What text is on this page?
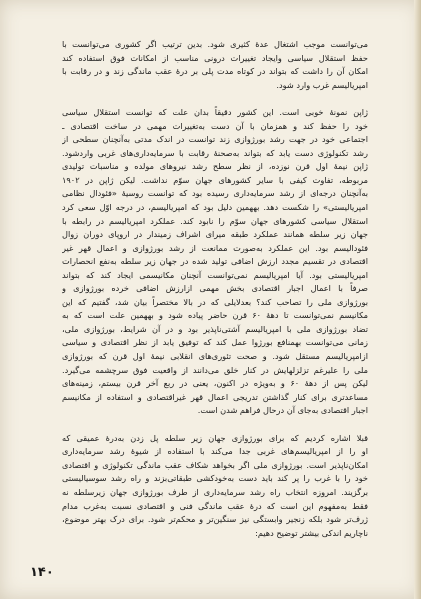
می‌توانست موجب اشتغال عدهٔ کثیری شود. بدین ترتیب اگر کشوری می‌توانست با
حفظ استقلال سیاسی وایجاد تغییرات درونی مناسب از امکانات فوق استفاده کند
امکان آن را داشت که بتواند در کوتاه مدت پلی بر درهٔ عقب ماندگی زند و در رقابت با
امپریالیسم غرب وارد شود.
ژاپن نمونهٔ خوبی است. این کشور دقیقاً بدان علت که توانست استقلال سیاسی
خود را حفظ کند و همزمان با آن دست به‌تغییرات مهمی در ساخت اقتصادی ـ
اجتماعی خود در جهت رشد بورژوازی زند توانست در اندک مدتی به‌آنچنان سطحی از
رشد تکنولوژی دست یابد که بتواند به‌صحنهٔ رقابت با سرمایه‌داری‌های غربی واردشود.
ژاپن نیمهٔ اول قرن نوزده، از نظر سطح رشد نیروهای مولده و مناسبات تولیدی
مربوطه، تفاوت کیفی با سایر کشورهای جهان سوّم نداشت. لیکن ژاپن در ۱۹۰۲
به‌آنچنان درجه‌ای از رشد سرمایه‌داری رسیده بود که توانست روسیهٔ «فئودال نظامی
امپریالیستی» را شکست دهد. بههمین دلیل بود که امپریالیسم، در درجه اوّل سعی کرد
استقلال سیاسی کشورهای جهان سوّم را نابود کند. عملکرد امپریالیسم در رابطه با
جهان زیر سلطه همانند عملکرد طبقه میرای اشراف زمیندار در اروپای دوران زوال
فئودالیسم بود. این عملکرد به‌صورت ممانعت از رشد بورژوازی و اعمال قهر غیر
اقتصادی در تقسیم مجدد ارزش اضافی تولید شده در جهان زیر سلطه به‌نفع انحصارات
امپریالیستی بود. آیا امپریالیسم نمی‌توانست آنچنان مکانیسمی ایجاد کند که بتواند
صرفاً با اعمال اجبار اقتصادی بخش مهمی ازارزش اضافی خرده بورژوازی و
بورژوازی ملی را تصاحب کند؟ بعدلایلی که در بالا مختصراً بیان شد، گفتیم که این
مکانیسم نمی‌توانست تا دههٔ ۶۰ قرن حاضر پیاده شود و بههمین علت است که به‌
تضاد بورژوازی ملی با امپریالیسم آشتی‌ناپذیر بود و در آن شرایط، بورژوازی ملی،
زمانی می‌توانست بهمنافع بورژوا عمل کند که توفیق یابد از نظر اقتصادی و سیاسی
ازامپریالیسم مستقل شود. و صحت تئوری‌های انقلابی نیمهٔ اول قرن که بورژوازی
ملی را علیرغم تزلزلهایش در کنار خلق می‌دانند از واقعیت فوق سرچشمه می‌گیرد.
لیکن پس از دههٔ ۶۰ و به‌ویژه در اکنون، یعنی در ربع آخر قرن بیستم، زمینه‌های
مساعدتری برای کنار گذاشتن تدریجی اعمال قهر غیراقتصادی و استفاده از مکانیسم
اجبار اقتصادی به‌جای آن درحال فراهم شدن است.
قبلا اشاره کردیم که برای بورژوازی جهان زیر سلطه پل زدن به‌درهٔ عمیقی که
او را از امپریالیسم‌های غربی جدا می‌کند با استفاده از شیوهٔ رشد سرمایه‌داری
امکان‌ناپذیر است. بورژوازی ملی اگر بخواهد شکاف عقب ماندگی تکنولوژی و اقتصادی
خود را با غرب را پر کند باید دست به‌خودکشی طبقاتی‌بزند و راه رشد سوسیالیستی
برگزیند. امروزه انتخاب راه رشد سرمایه‌داری از طرف بورژوازی جهان زیرسلطه نه
فقط به‌مفهوم این است که درهٔ عقب ماندگی فنی و اقتصادی نسبت به‌غرب مدام
ژرف‌تر شود بلکه زنجیر وابستگی نیز سنگین‌تر و محکم‌تر شود. برای درک بهتر موضوع،
ناچاریم اندکی بیشتر توضیح دهیم:
۱۴۰
